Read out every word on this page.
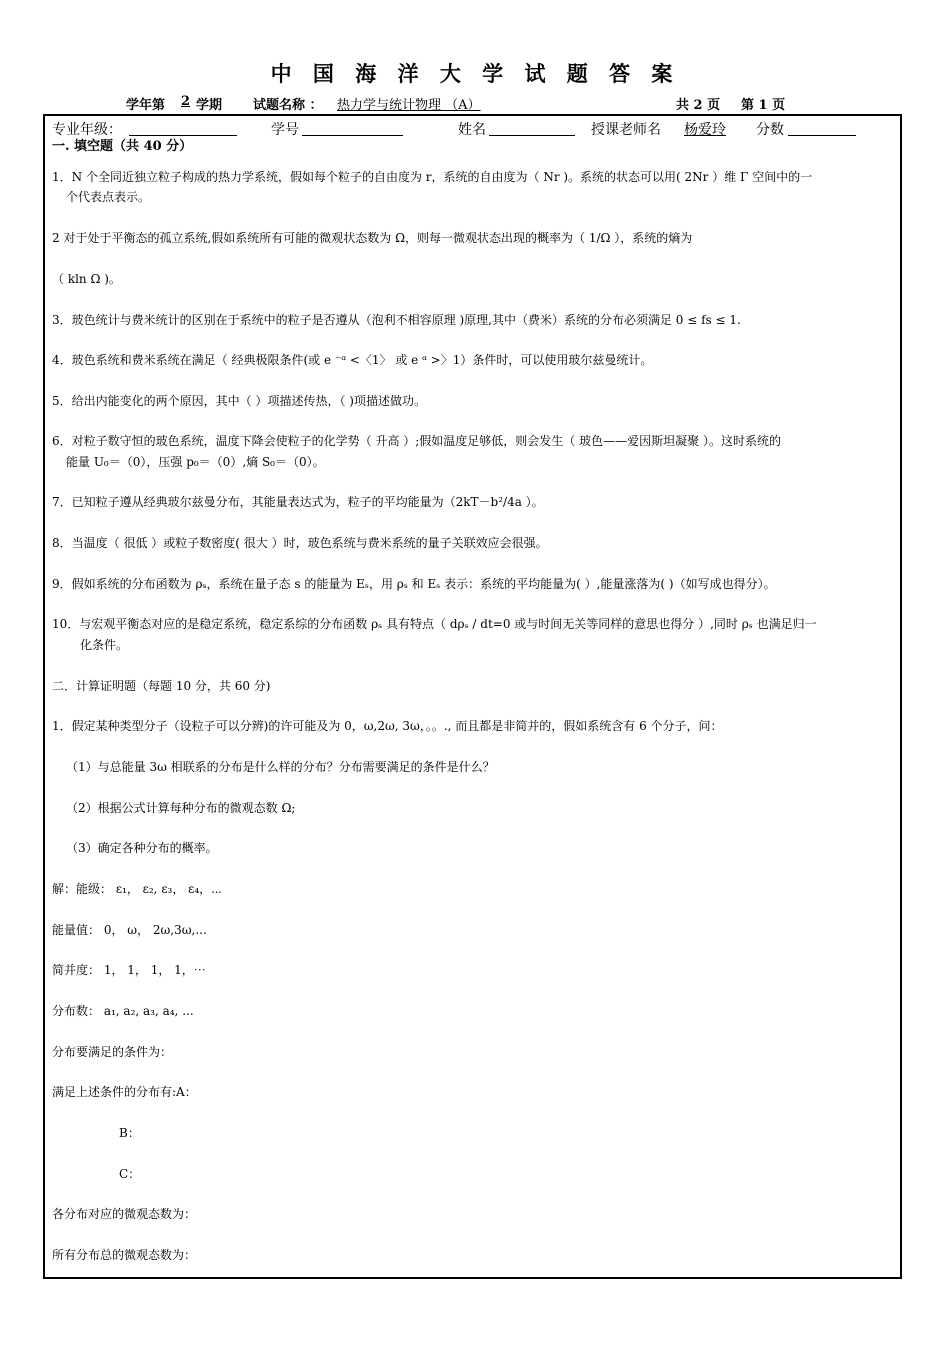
中 国 海 洋 大 学 试 题 答 案
学年第 2 学期 试题名称 ： 热力学与统计物理 （A）	共 2 页 第 1 页
专业年级：	学号	姓名	授课老师名 杨爱玲 分数
一. 填空题（共 40 分）
1．N 个全同近独立粒子构成的热力学系统，假如每个粒子的自由度为 r，系统的自由度为（ Nr )。系统的状态可以用( 2Nr ）维 Γ 空间中的一
个代表点表示。
2 对于处于平衡态的孤立系统,假如系统所有可能的微观状态数为 Ω，则每一微观状态出现的概率为（ 1/Ω ），系统的熵为
（ kln Ω )。
3．玻色统计与费米统计的区别在于系统中的粒子是否遵从（泡利不相容原理 )原理,其中（费米）系统的分布必须满足 0 ≤ fs ≤ 1.
4．玻色系统和费米系统在满足（ 经典极限条件(或 e ⁻ᵅ <〈1〉 或 e ᵅ >〉1）条件时，可以使用玻尔兹曼统计。
5．给出内能变化的两个原因，其中（ ）项描述传热，（ )项描述做功。
6．对粒子数守恒的玻色系统，温度下降会使粒子的化学势（ 升高 ）;假如温度足够低，则会发生（ 玻色——爱因斯坦凝聚 ）。这时系统的
能量 U₀＝（0），压强 p₀＝（0）,熵 S₀＝（0）。
7．已知粒子遵从经典玻尔兹曼分布，其能量表达式为，粒子的平均能量为（2kT－b²/4a ）。
8．当温度（ 很低 ）或粒子数密度( 很大 ）时，玻色系统与费米系统的量子关联效应会很强。
9．假如系统的分布函数为 ρₛ，系统在量子态 s 的能量为 Eₛ，用 ρₛ 和 Eₛ 表示：系统的平均能量为( ）,能量涨落为( )（如写成也得分）。
10．与宏观平衡态对应的是稳定系统，稳定系综的分布函数 ρₛ 具有特点（ dρₛ / dt=0 或与时间无关等同样的意思也得分 ）,同时 ρₛ 也满足归一
化条件。
二．计算证明题（每题 10 分，共 60 分)
1．假定某种类型分子（设粒子可以分辨)的许可能及为 0，ω,2ω, 3ω，。。., 而且都是非简并的，假如系统含有 6 个分子，问：
（1）与总能量 3ω 相联系的分布是什么样的分布？分布需要满足的条件是什么？
（2）根据公式计算每种分布的微观态数 Ω;
（3）确定各种分布的概率。
解：能级： ε₁， ε₂, ε₃， ε₄，⋯
能量值： 0， ω， 2ω,3ω,...
简并度： 1， 1， 1， 1，⋯
分布数： a₁, a₂, a₃, a₄, ...
分布要满足的条件为：
满足上述条件的分布有:A：
B：
C：
各分布对应的微观态数为：
所有分布总的微观态数为：
